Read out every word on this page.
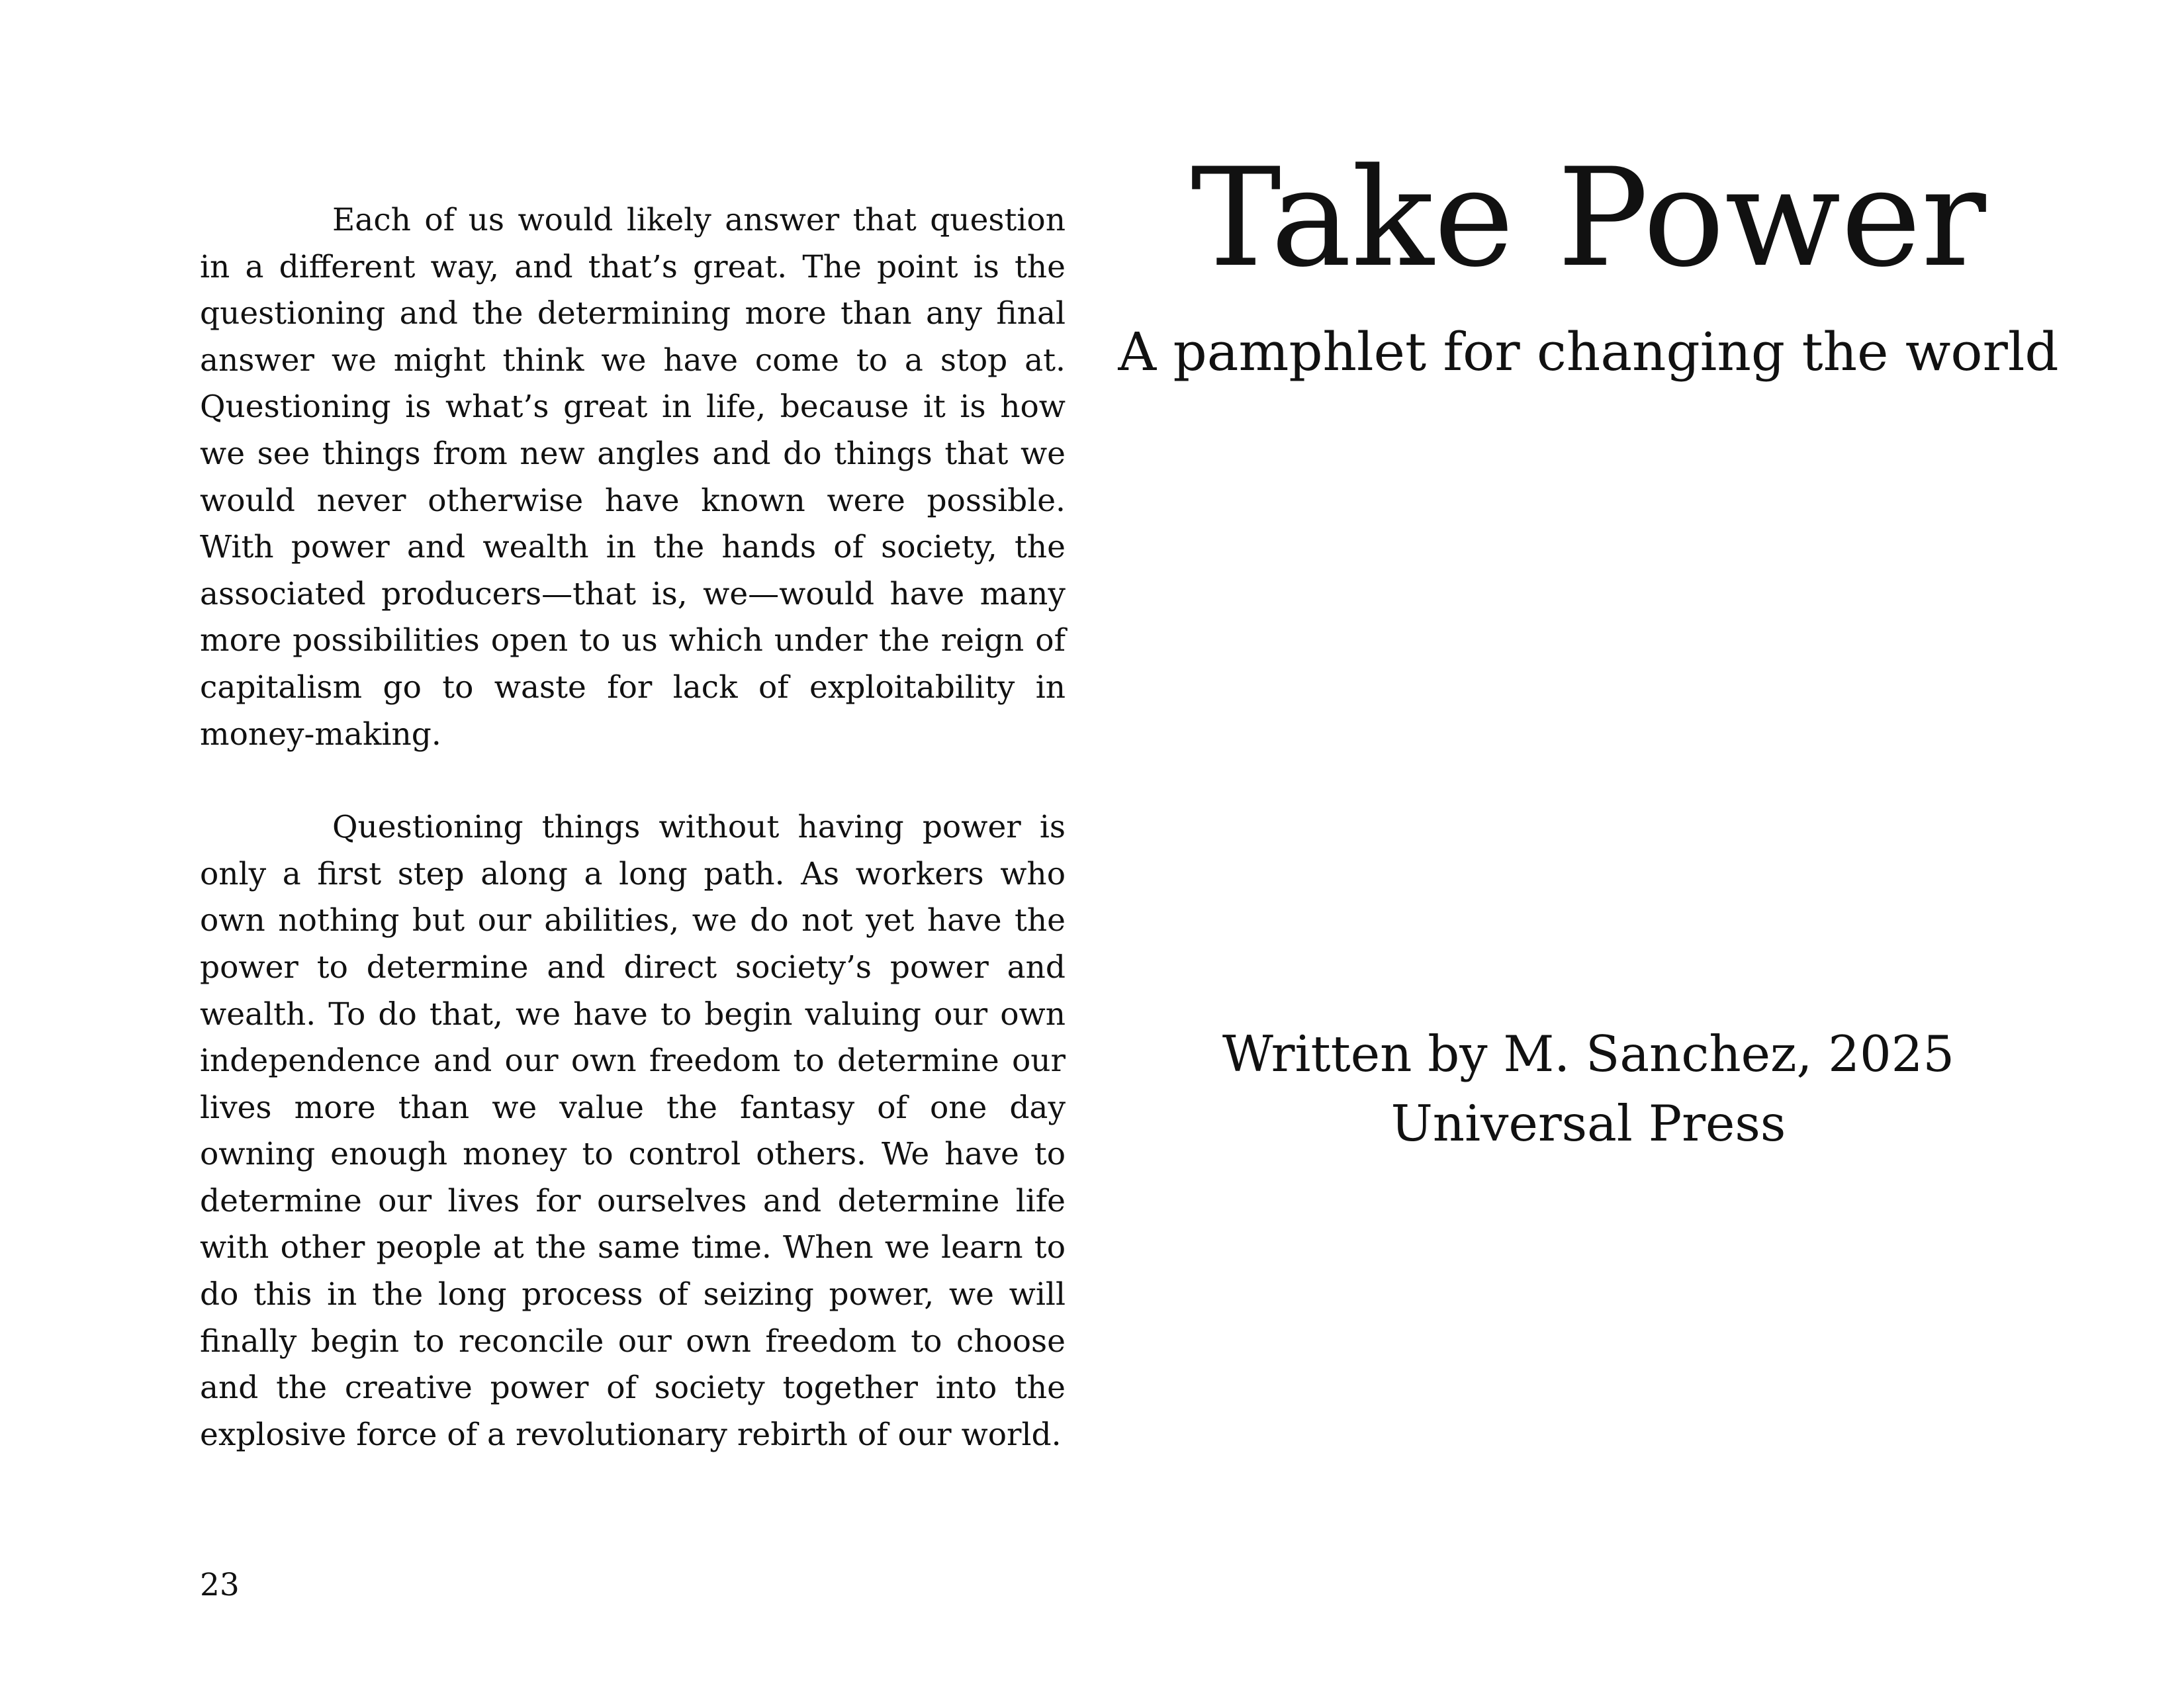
Each of us would likely answer that question in a different way, and that’s great. The point is the questioning and the determining more than any final answer we might think we have come to a stop at. Questioning is what’s great in life, because it is how we see things from new angles and do things that we would never otherwise have known were possible. With power and wealth in the hands of society, the associated producers—that is, we—would have many more possibilities open to us which under the reign of capitalism go to waste for lack of exploitability in money-making.

Questioning things without having power is only a first step along a long path. As workers who own nothing but our abilities, we do not yet have the power to determine and direct society’s power and wealth. To do that, we have to begin valuing our own independence and our own freedom to determine our lives more than we value the fantasy of one day owning enough money to control others. We have to determine our lives for ourselves and determine life with other people at the same time. When we learn to do this in the long process of seizing power, we will finally begin to reconcile our own freedom to choose and the creative power of society together into the explosive force of a revolutionary rebirth of our world.

23
Take Power
A pamphlet for changing the world
Written by M. Sanchez, 2025
Universal Press
